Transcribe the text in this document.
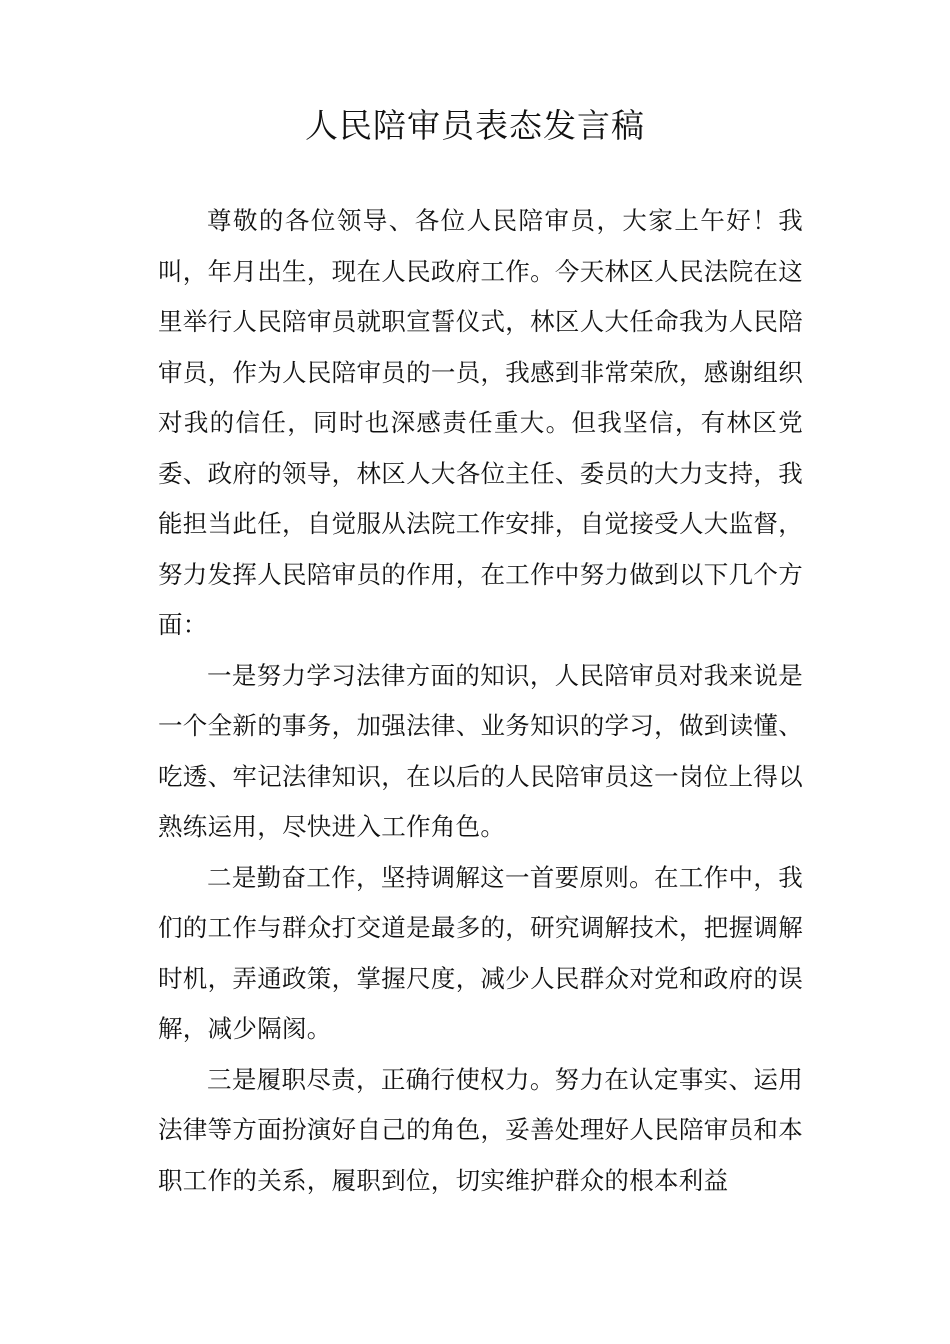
人民陪审员表态发言稿

尊敬的各位领导、各位人民陪审员，大家上午好！我叫，年月出生，现在人民政府工作。今天林区人民法院在这里举行人民陪审员就职宣誓仪式，林区人大任命我为人民陪审员，作为人民陪审员的一员，我感到非常荣欣，感谢组织对我的信任，同时也深感责任重大。但我坚信，有林区党委、政府的领导，林区人大各位主任、委员的大力支持，我能担当此任，自觉服从法院工作安排，自觉接受人大监督，努力发挥人民陪审员的作用，在工作中努力做到以下几个方面：

一是努力学习法律方面的知识，人民陪审员对我来说是一个全新的事务，加强法律、业务知识的学习，做到读懂、吃透、牢记法律知识，在以后的人民陪审员这一岗位上得以熟练运用，尽快进入工作角色。

二是勤奋工作，坚持调解这一首要原则。在工作中，我们的工作与群众打交道是最多的，研究调解技术，把握调解时机，弄通政策，掌握尺度，减少人民群众对党和政府的误解，减少隔阂。

三是履职尽责，正确行使权力。努力在认定事实、运用法律等方面扮演好自己的角色，妥善处理好人民陪审员和本职工作的关系，履职到位，切实维护群众的根本利益
